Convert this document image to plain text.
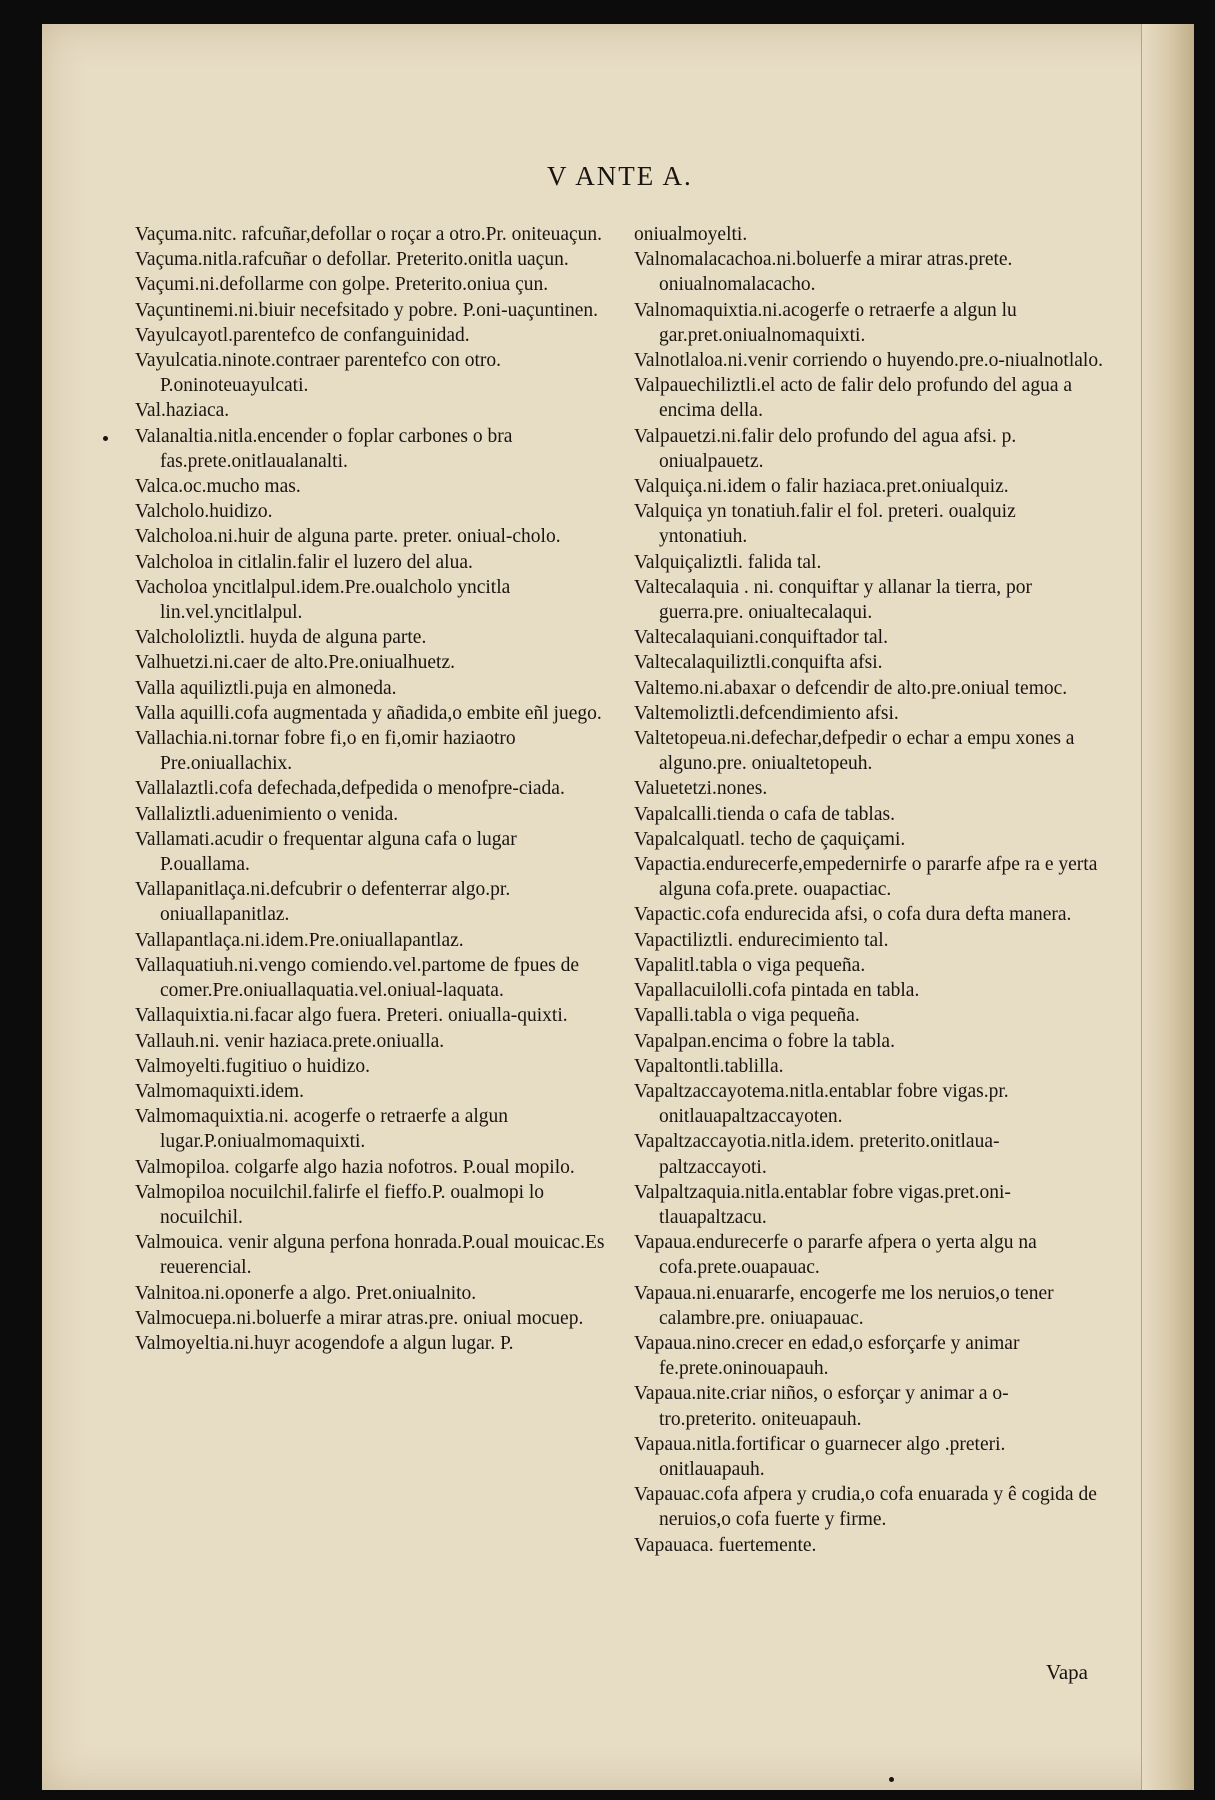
V ANTE A.

Vaçuma.nitc. rafcuñar,defollar o roçar a otro.Pr. oniteuaçun.

Vaçuma.nitla.rafcuñar o defollar. Preterito.onitla uaçun.

Vaçumi.ni.defollarme con golpe. Preterito.oniua çun.

Vaçuntinemi.ni.biuir necefsitado y pobre. P.oni-uaçuntinen.

Vayulcayotl.parentefco de confanguinidad.

Vayulcatia.ninote.contraer parentefco con otro. P.oninoteuayulcati.

Val.haziaca.

Valanaltia.nitla.encender o foplar carbones o bra fas.prete.onitlaualanalti.

Valca.oc.mucho mas.

Valcholo.huidizo.

Valcholoa.ni.huir de alguna parte. preter. oniual-cholo.

Valcholoa in citlalin.falir el luzero del alua.

Vacholoa yncitlalpul.idem.Pre.oualcholo yncitla lin.vel.yncitlalpul.

Valchololiztli. huyda de alguna parte.

Valhuetzi.ni.caer de alto.Pre.oniualhuetz.

Valla aquiliztli.puja en almoneda.

Valla aquilli.cofa augmentada y añadida,o embite eñl juego.

Vallachia.ni.tornar fobre fi,o en fi,omir haziaotro Pre.oniuallachix.

Vallalaztli.cofa defechada,defpedida o menofpre-ciada.

Vallaliztli.aduenimiento o venida.

Vallamati.acudir o frequentar alguna cafa o lugar P.ouallama.

Vallapanitlaça.ni.defcubrir o defenterrar algo.pr. oniuallapanitlaz.

Vallapantlaça.ni.idem.Pre.oniuallapantlaz.

Vallaquatiuh.ni.vengo comiendo.vel.partome de fpues de comer.Pre.oniuallaquatia.vel.oniual-laquata.

Vallaquixtia.ni.facar algo fuera. Preteri. oniualla-quixti.

Vallauh.ni. venir haziaca.prete.oniualla.

Valmoyelti.fugitiuo o huidizo.

Valmomaquixti.idem.

Valmomaquixtia.ni. acogerfe o retraerfe a algun lugar.P.oniualmomaquixti.

Valmopiloa. colgarfe algo hazia nofotros. P.oual mopilo.

Valmopiloa nocuilchil.falirfe el fieffo.P. oualmopi lo nocuilchil.

Valmouica. venir alguna perfona honrada.P.oual mouicac.Es reuerencial.

Valnitoa.ni.oponerfe a algo. Pret.oniualnito.

Valmocuepa.ni.boluerfe a mirar atras.pre. oniual mocuep.

Valmoyeltia.ni.huyr acogendofe a algun lugar. P.

oniualmoyelti.

Valnomalacachoa.ni.boluerfe a mirar atras.prete. oniualnomalacacho.

Valnomaquixtia.ni.acogerfe o retraerfe a algun lu gar.pret.oniualnomaquixti.

Valnotlaloa.ni.venir corriendo o huyendo.pre.o-niualnotlalo.

Valpauechiliztli.el acto de falir delo profundo del agua a encima della.

Valpauetzi.ni.falir delo profundo del agua afsi. p. oniualpauetz.

Valquiça.ni.idem o falir haziaca.pret.oniualquiz.

Valquiça yn tonatiuh.falir el fol. preteri. oualquiz yntonatiuh.

Valquiçaliztli. falida tal.

Valtecalaquia . ni. conquiftar y allanar la tierra, por guerra.pre. oniualtecalaqui.

Valtecalaquiani.conquiftador tal.

Valtecalaquiliztli.conquifta afsi.

Valtemo.ni.abaxar o defcendir de alto.pre.oniual temoc.

Valtemoliztli.defcendimiento afsi.

Valtetopeua.ni.defechar,defpedir o echar a empu xones a alguno.pre. oniualtetopeuh.

Valuetetzi.nones.

Vapalcalli.tienda o cafa de tablas.

Vapalcalquatl. techo de çaquiçami.

Vapactia.endurecerfe,empedernirfe o pararfe afpe ra e yerta alguna cofa.prete. ouapactiac.

Vapactic.cofa endurecida afsi, o cofa dura defta manera.

Vapactiliztli. endurecimiento tal.

Vapalitl.tabla o viga pequeña.

Vapallacuilolli.cofa pintada en tabla.

Vapalli.tabla o viga pequeña.

Vapalpan.encima o fobre la tabla.

Vapaltontli.tablilla.

Vapaltzaccayotema.nitla.entablar fobre vigas.pr. onitlauapaltzaccayoten.

Vapaltzaccayotia.nitla.idem. preterito.onitlaua-paltzaccayoti.

Valpaltzaquia.nitla.entablar fobre vigas.pret.oni-tlauapaltzacu.

Vapaua.endurecerfe o pararfe afpera o yerta algu na cofa.prete.ouapauac.

Vapaua.ni.enuararfe, encogerfe me los neruios,o tener calambre.pre. oniuapauac.

Vapaua.nino.crecer en edad,o esforçarfe y animar fe.prete.oninouapauh.

Vapaua.nite.criar niños, o esforçar y animar a o-tro.preterito. oniteuapauh.

Vapaua.nitla.fortificar o guarnecer algo .preteri. onitlauapauh.

Vapauac.cofa afpera y crudia,o cofa enuarada y ê cogida de neruios,o cofa fuerte y firme.

Vapauaca. fuertemente.

Vapa
